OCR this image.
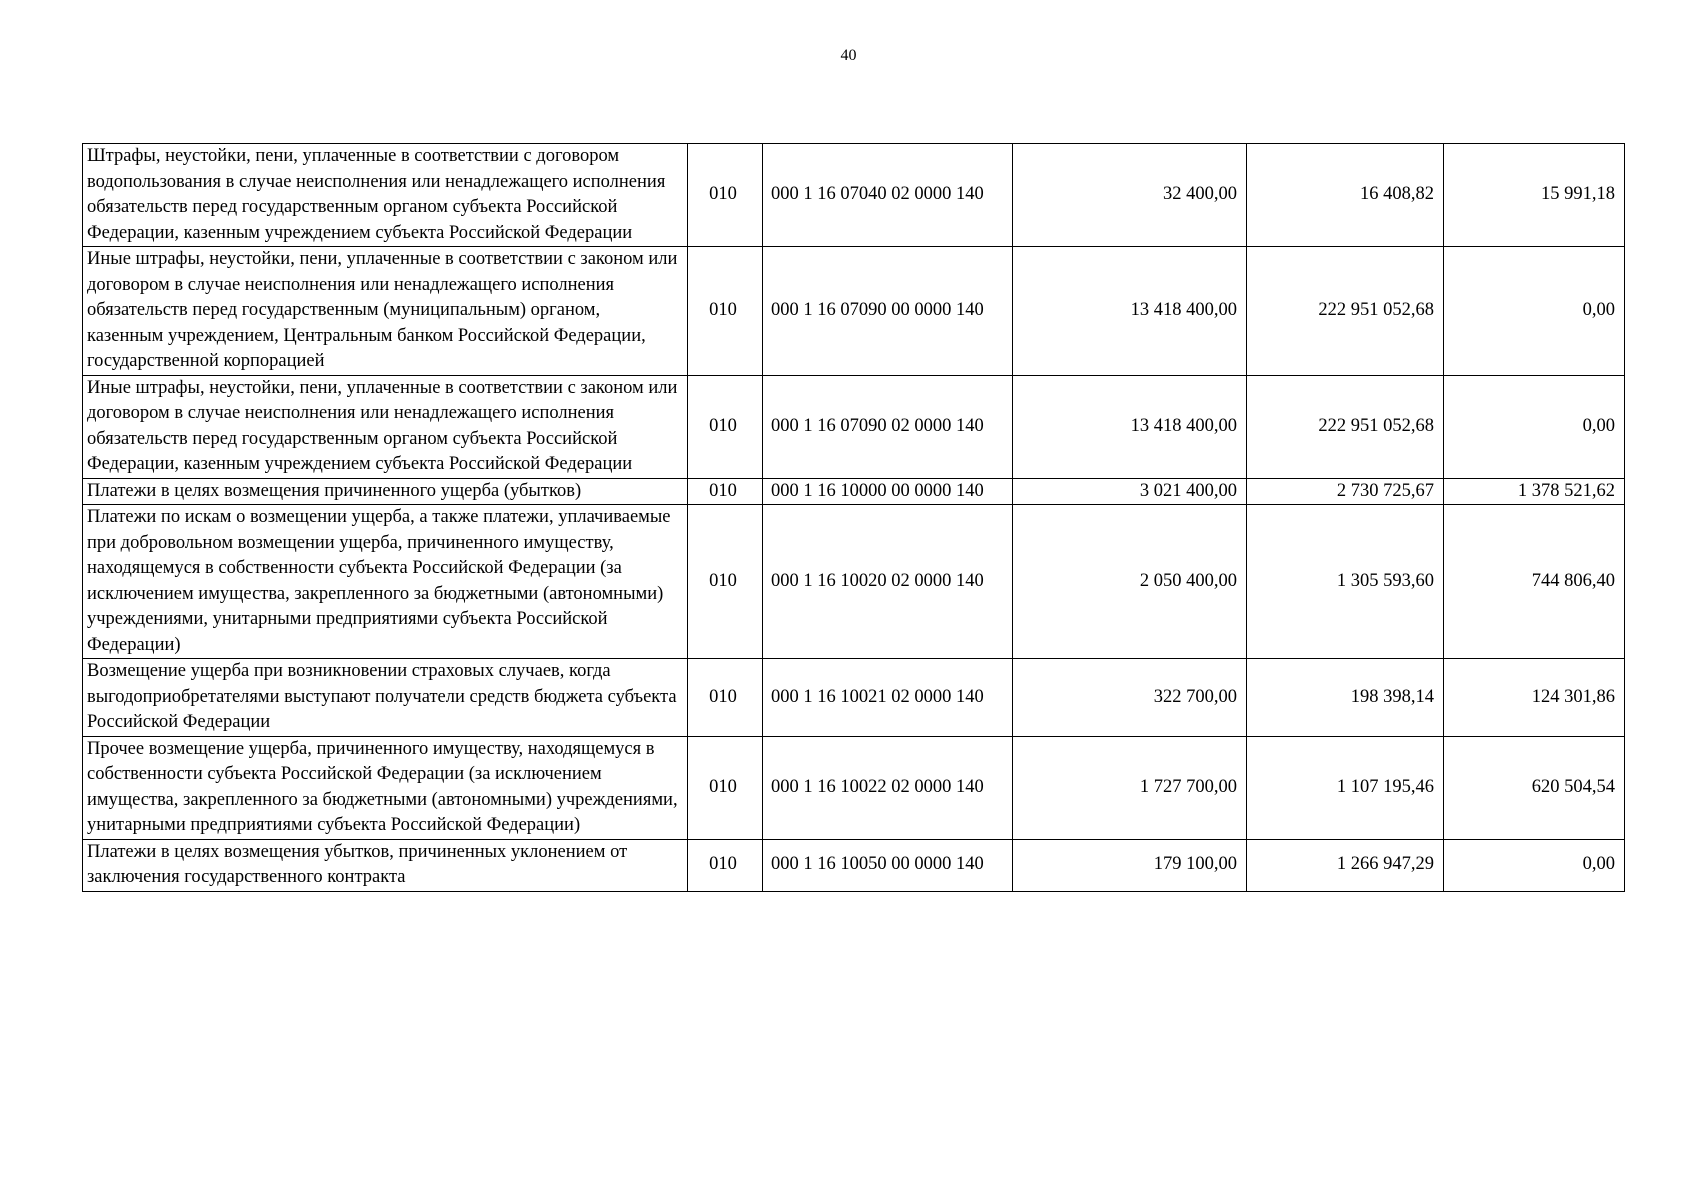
40
Штрафы, неустойки, пени, уплаченные в соответствии с договором водопользования в случае неисполнения или ненадлежащего исполнения обязательств перед государственным органом субъекта Российской Федерации, казенным учреждением субъекта Российской Федерации	010	000 1 16 07040 02 0000 140	32 400,00	16 408,82	15 991,18
Иные штрафы, неустойки, пени, уплаченные в соответствии с законом или договором в случае неисполнения или ненадлежащего исполнения обязательств перед государственным (муниципальным) органом, казенным учреждением, Центральным банком Российской Федерации, государственной корпорацией	010	000 1 16 07090 00 0000 140	13 418 400,00	222 951 052,68	0,00
Иные штрафы, неустойки, пени, уплаченные в соответствии с законом или договором в случае неисполнения или ненадлежащего исполнения обязательств перед государственным органом субъекта Российской Федерации, казенным учреждением субъекта Российской Федерации	010	000 1 16 07090 02 0000 140	13 418 400,00	222 951 052,68	0,00
Платежи в целях возмещения причиненного ущерба (убытков)	010	000 1 16 10000 00 0000 140	3 021 400,00	2 730 725,67	1 378 521,62
Платежи по искам о возмещении ущерба, а также платежи, уплачиваемые при добровольном возмещении ущерба, причиненного имуществу, находящемуся в собственности субъекта Российской Федерации (за исключением имущества, закрепленного за бюджетными (автономными) учреждениями, унитарными предприятиями субъекта Российской Федерации)	010	000 1 16 10020 02 0000 140	2 050 400,00	1 305 593,60	744 806,40
Возмещение ущерба при возникновении страховых случаев, когда выгодоприобретателями выступают получатели средств бюджета субъекта Российской Федерации	010	000 1 16 10021 02 0000 140	322 700,00	198 398,14	124 301,86
Прочее возмещение ущерба, причиненного имуществу, находящемуся в собственности субъекта Российской Федерации (за исключением имущества, закрепленного за бюджетными (автономными) учреждениями, унитарными предприятиями субъекта Российской Федерации)	010	000 1 16 10022 02 0000 140	1 727 700,00	1 107 195,46	620 504,54
Платежи в целях возмещения убытков, причиненных уклонением от заключения государственного контракта	010	000 1 16 10050 00 0000 140	179 100,00	1 266 947,29	0,00
